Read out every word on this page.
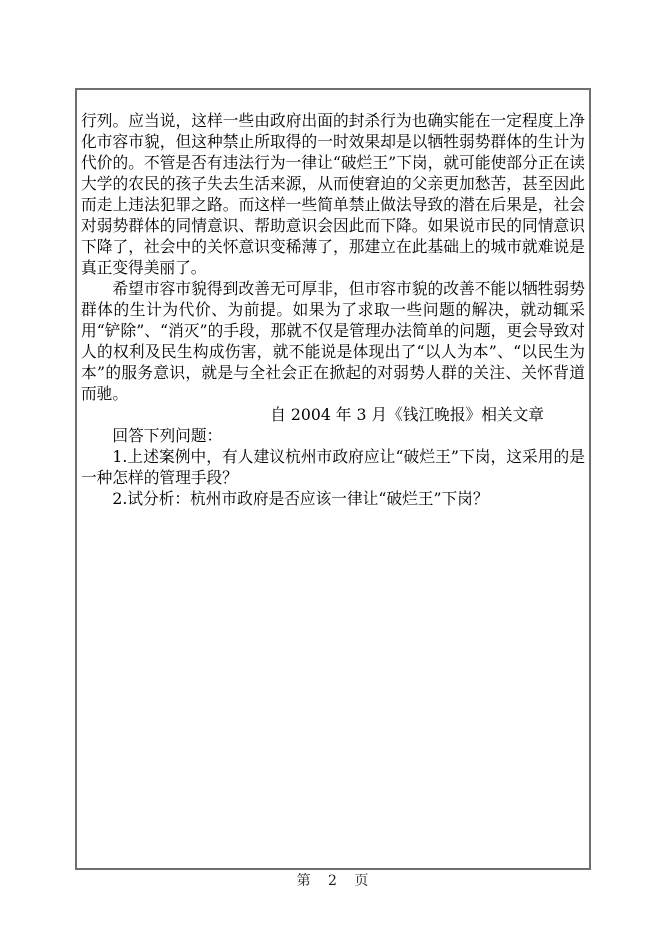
行列。应当说，这样一些由政府出面的封杀行为也确实能在一定程度上净化市容市貌，但这种禁止所取得的一时效果却是以牺牲弱势群体的生计为代价的。不管是否有违法行为一律让“破烂王”下岗，就可能使部分正在读大学的农民的孩子失去生活来源，从而使窘迫的父亲更加愁苦，甚至因此而走上违法犯罪之路。而这样一些简单禁止做法导致的潜在后果是，社会对弱势群体的同情意识、帮助意识会因此而下降。如果说市民的同情意识下降了，社会中的关怀意识变稀薄了，那建立在此基础上的城市就难说是真正变得美丽了。

希望市容市貌得到改善无可厚非，但市容市貌的改善不能以牺牲弱势群体的生计为代价、为前提。如果为了求取一些问题的解决，就动辄采用“铲除”、“消灭”的手段，那就不仅是管理办法简单的问题，更会导致对人的权利及民生构成伤害，就不能说是体现出了“以人为本”、“以民生为本”的服务意识，就是与全社会正在掀起的对弱势人群的关注、关怀背道而驰。

自 2004 年 3 月《钱江晚报》相关文章

回答下列问题：

1.上述案例中，有人建议杭州市政府应让“破烂王”下岗，这采用的是一种怎样的管理手段？

2.试分析：杭州市政府是否应该一律让“破烂王”下岗？

第 2 页
